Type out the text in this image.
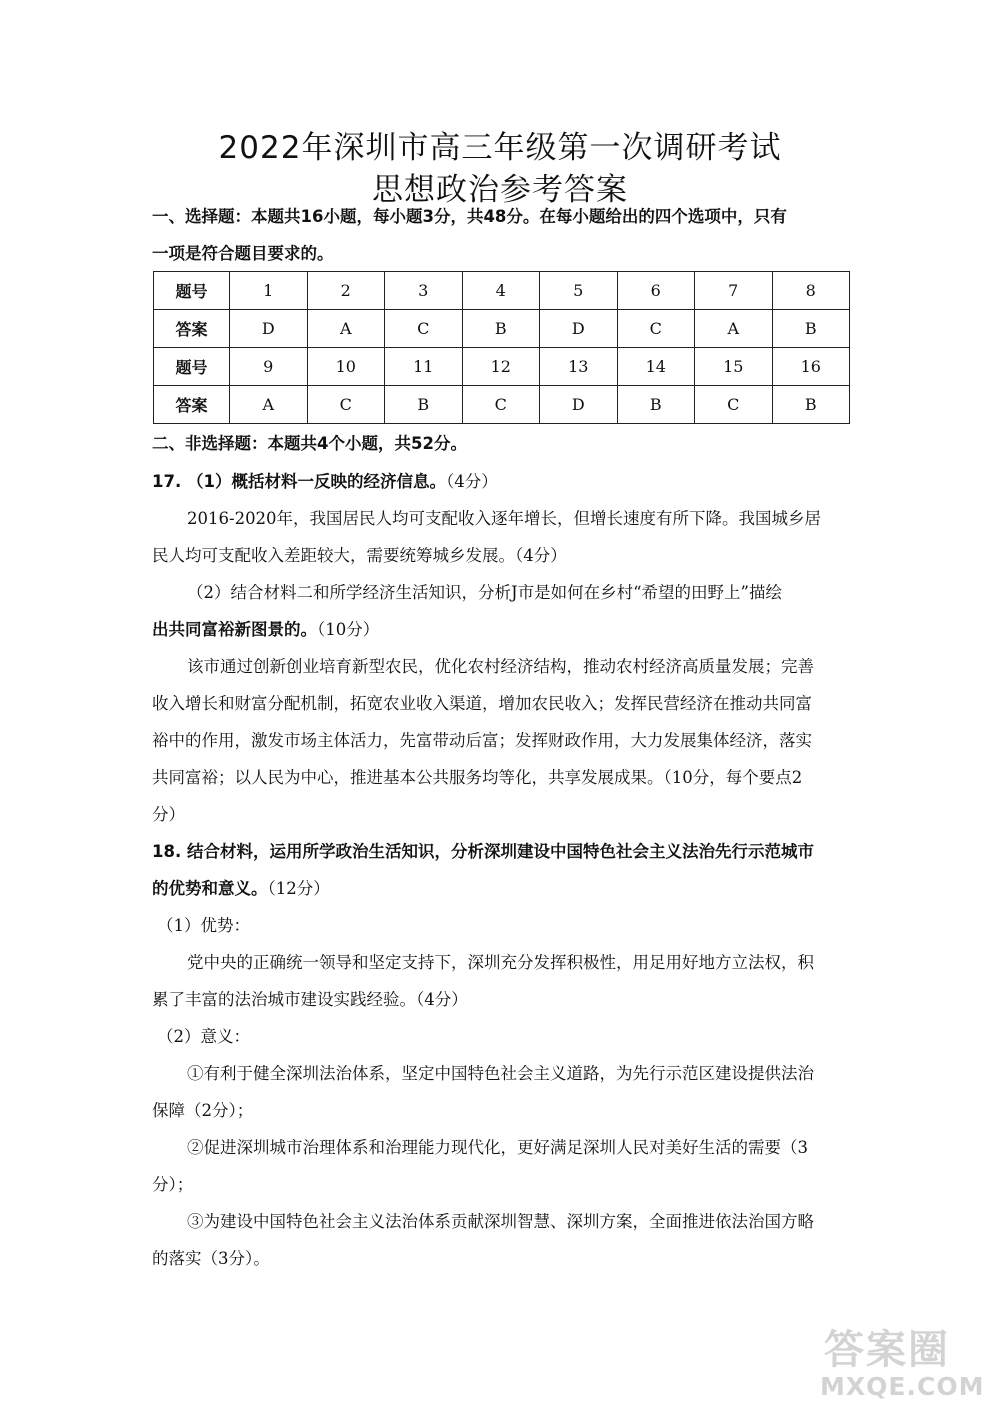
2022年深圳市高三年级第一次调研考试
思想政治参考答案
一、选择题：本题共16小题，每小题3分，共48分。在每小题给出的四个选项中，只有
一项是符合题目要求的。
题号	1	2	3	4	5	6	7	8
答案	D	A	C	B	D	C	A	B
题号	9	10	11	12	13	14	15	16
答案	A	C	B	C	D	B	C	B
二、非选择题：本题共4个小题，共52分。
17. （1）概括材料一反映的经济信息。（4分）
2016-2020年，我国居民人均可支配收入逐年增长，但增长速度有所下降。我国城乡居
民人均可支配收入差距较大，需要统筹城乡发展。（4分）
（2）结合材料二和所学经济生活知识，分析J市是如何在乡村“希望的田野上”描绘
出共同富裕新图景的。（10分）
该市通过创新创业培育新型农民，优化农村经济结构，推动农村经济高质量发展；完善
收入增长和财富分配机制，拓宽农业收入渠道，增加农民收入；发挥民营经济在推动共同富
裕中的作用，激发市场主体活力，先富带动后富；发挥财政作用，大力发展集体经济，落实
共同富裕；以人民为中心，推进基本公共服务均等化，共享发展成果。（10分，每个要点2
分）
18. 结合材料，运用所学政治生活知识，分析深圳建设中国特色社会主义法治先行示范城市
的优势和意义。（12分）
（1）优势：
党中央的正确统一领导和坚定支持下，深圳充分发挥积极性，用足用好地方立法权，积
累了丰富的法治城市建设实践经验。（4分）
（2）意义：
①有利于健全深圳法治体系，坚定中国特色社会主义道路，为先行示范区建设提供法治
保障（2分）；
②促进深圳城市治理体系和治理能力现代化，更好满足深圳人民对美好生活的需要（3
分）；
③为建设中国特色社会主义法治体系贡献深圳智慧、深圳方案，全面推进依法治国方略
的落实（3分）。
答案圈
MXQE.COM
